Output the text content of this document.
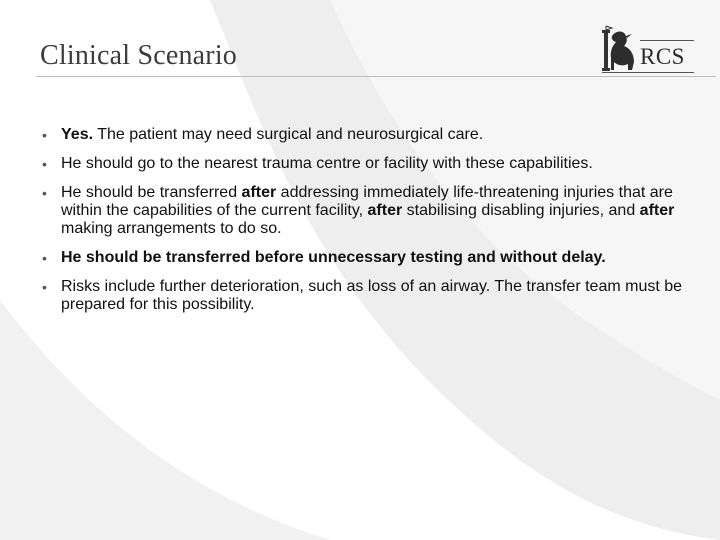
Clinical Scenario	RCS
• Yes. The patient may need surgical and neurosurgical care.
• He should go to the nearest trauma centre or facility with these capabilities.
• He should be transferred after addressing immediately life-threatening injuries that are within the capabilities of the current facility, after stabilising disabling injuries, and after making arrangements to do so.
• He should be transferred before unnecessary testing and without delay.
• Risks include further deterioration, such as loss of an airway. The transfer team must be prepared for this possibility.
